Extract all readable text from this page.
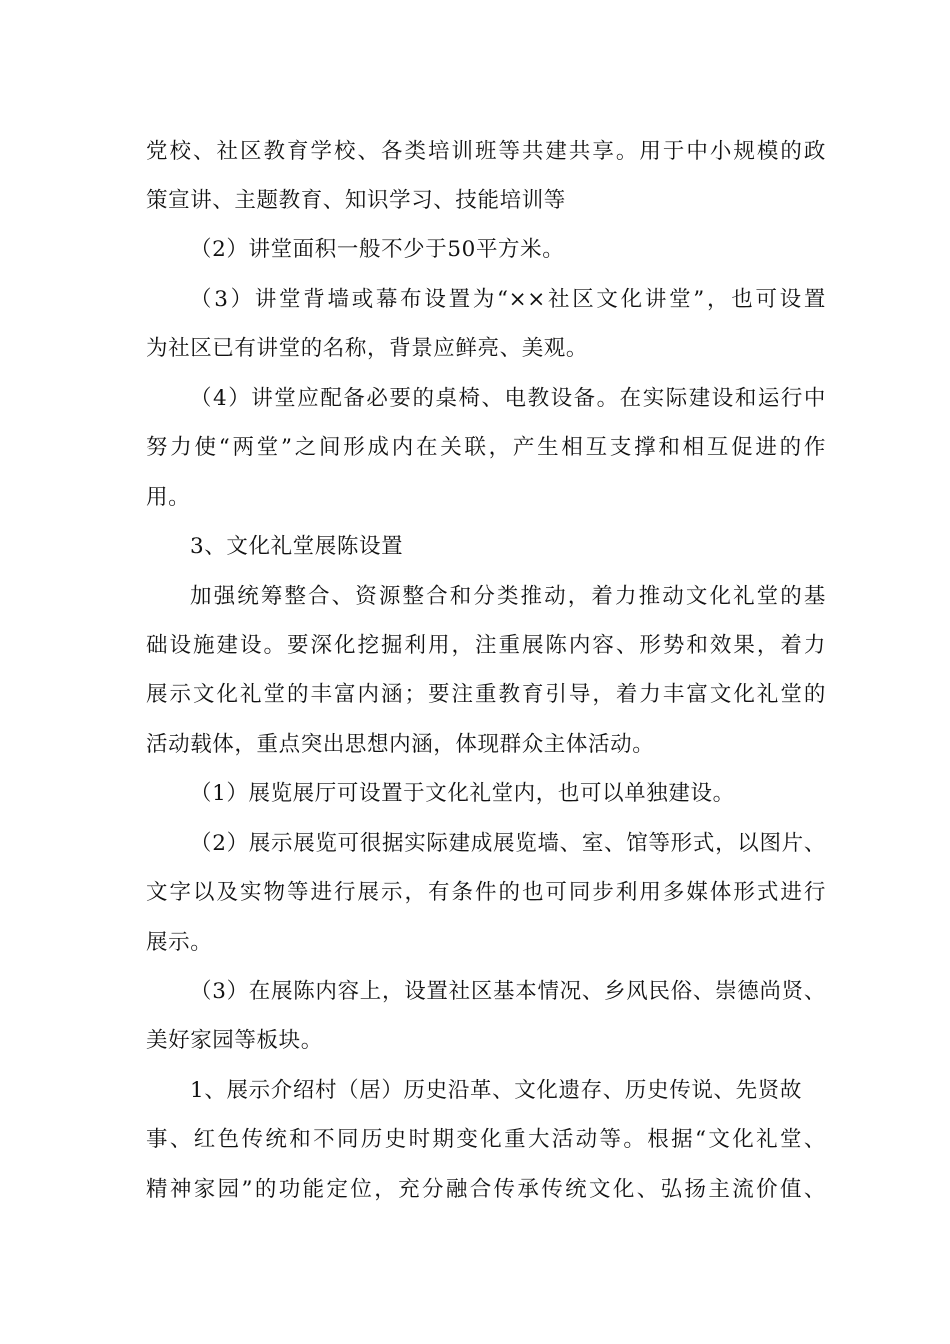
党校、社区教育学校、各类培训班等共建共享。用于中小规模的政
策宣讲、主题教育、知识学习、技能培训等
（2）讲堂面积一般不少于50平方米。
（3）讲堂背墙或幕布设置为“××社区文化讲堂”，也可设置
为社区已有讲堂的名称，背景应鲜亮、美观。
（4）讲堂应配备必要的桌椅、电教设备。在实际建设和运行中
努力使“两堂”之间形成内在关联，产生相互支撑和相互促进的作
用。
3、文化礼堂展陈设置
加强统筹整合、资源整合和分类推动，着力推动文化礼堂的基
础设施建设。要深化挖掘利用，注重展陈内容、形势和效果，着力
展示文化礼堂的丰富内涵；要注重教育引导，着力丰富文化礼堂的
活动载体，重点突出思想内涵，体现群众主体活动。
（1）展览展厅可设置于文化礼堂内，也可以单独建设。
（2）展示展览可很据实际建成展览墙、室、馆等形式，以图片、
文字以及实物等进行展示，有条件的也可同步利用多媒体形式进行
展示。
（3）在展陈内容上，设置社区基本情况、乡风民俗、崇德尚贤、
美好家园等板块。
1、展示介绍村（居）历史沿革、文化遗存、历史传说、先贤故
事、红色传统和不同历史时期变化重大活动等。根据“文化礼堂、
精神家园”的功能定位，充分融合传承传统文化、弘扬主流价值、
